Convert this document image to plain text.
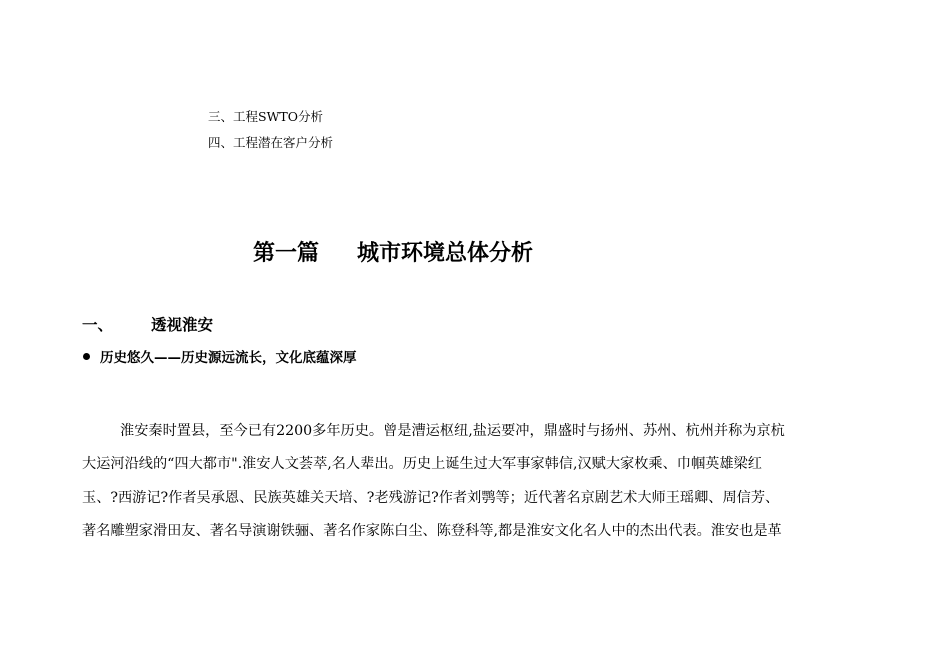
三、工程SWTO分析
四、工程潜在客户分析
第一篇 城市环境总体分析
一、 透视淮安
历史悠久——历史源远流长，文化底蕴深厚
淮安秦时置县，至今已有2200多年历史。曾是漕运枢纽,盐运要冲，鼎盛时与扬州、苏州、杭州并称为京杭
大运河沿线的“四大都市".淮安人文荟萃,名人辈出。历史上诞生过大军事家韩信,汉赋大家枚乘、巾帼英雄梁红
玉、?西游记?作者吴承恩、民族英雄关天培、?老残游记?作者刘鹗等；近代著名京剧艺术大师王瑶卿、周信芳、
著名雕塑家滑田友、著名导演谢铁骊、著名作家陈白尘、陈登科等,都是淮安文化名人中的杰出代表。淮安也是革
